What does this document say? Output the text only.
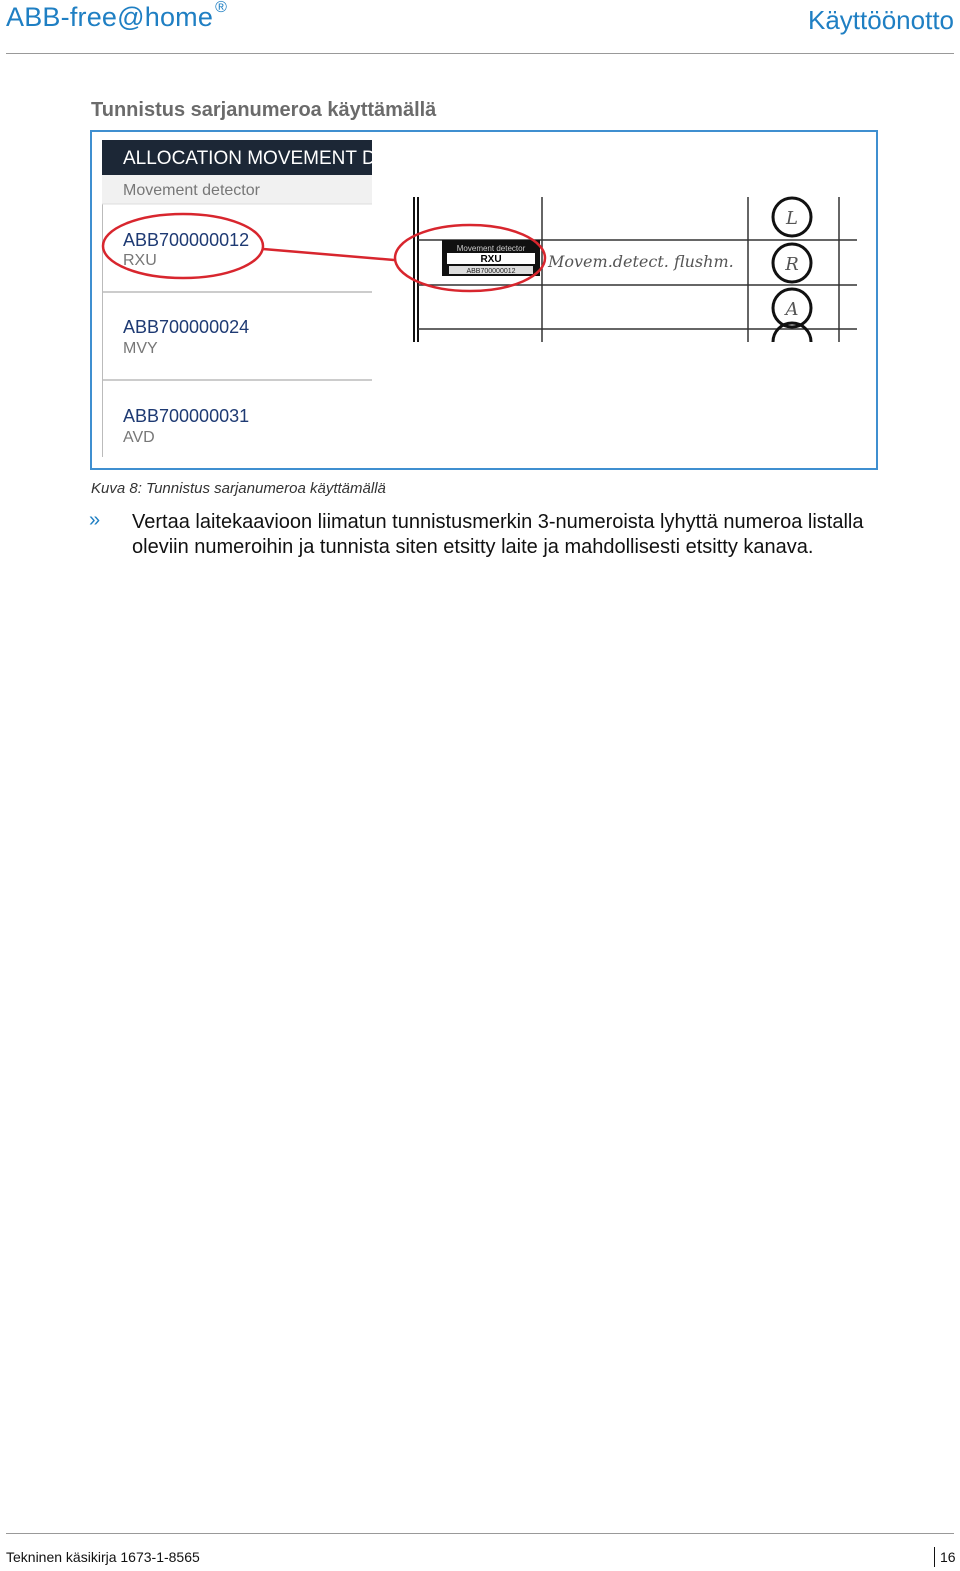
ABB-free@home ®	Käyttöönotto
Tunnistus sarjanumeroa käyttämällä
ALLOCATION MOVEMENT D
Movement detector
ABB700000012
RXU
ABB700000024
MVY
ABB700000031
AVD
Movement detector
RXU
ABB700000012
Movem.detect. flushm.
L
R
A
Kuva 8: Tunnistus sarjanumeroa käyttämällä
» Vertaa laitekaavioon liimatun tunnistusmerkin 3-numeroista lyhyttä numeroa listalla oleviin numeroihin ja tunnista siten etsitty laite ja mahdollisesti etsitty kanava.
Tekninen käsikirja 1673-1-8565	16
